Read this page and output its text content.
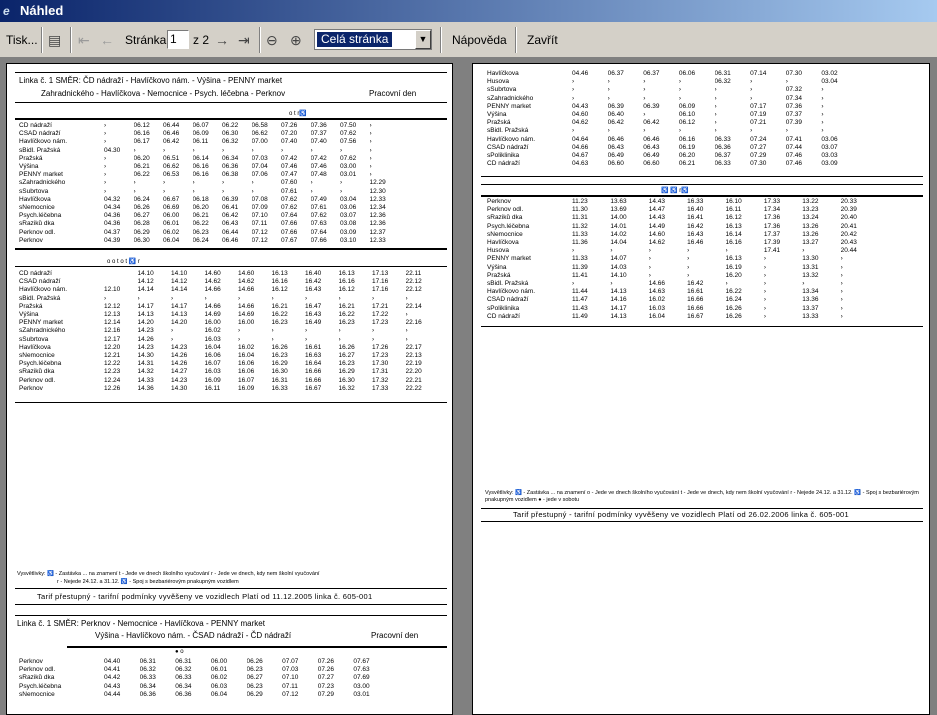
e Náhled
Tisk... ▤ ⇤ ← Stránka 1	z 2 → ⇥ ⊖ ⊕	Celá stránka	▼ Nápověda Zavřít
Linka č. 1 SMĚR: ČD nádraží - Havlíčkovo nám. - Výšina - PENNY market
Zahradnického - Havlíčkova - Nemocnice - Psych. léčebna - Perknov	Pracovní den
o t r♿
ČD nádraží	›	06.12	06.44	06.07	06.22	06.58	07.26	07.36	07.50	›
ČSAD nádraží	›	06.16	06.46	06.09	06.30	06.62	07.20	07.37	07.62	›
Havlíčkovo nám.	›	06.17	06.42	06.11	06.32	07.00	07.40	07.40	07.56	›
sBidl. Pražská	04.30	›	›	›	›	›	›	›	›	›
Pražská	›	06.20	06.51	06.14	06.34	07.03	07.42	07.42	07.62	›
Výšina	›	06.21	06.62	06.16	06.36	07.04	07.46	07.46	03.00	›
PENNY market	›	06.22	06.53	06.16	06.38	07.06	07.47	07.48	03.01	›
sZahradnického	›	›	›	›	›	›	07.60	›	›	12.29
sSubrtova	›	›	›	›	›	›	07.61	›	›	12.30
Havlíčkova	04.32	06.24	06.67	06.18	06.39	07.08	07.62	07.49	03.04	12.33
sNemocnice	04.34	06.26	06.69	06.20	06.41	07.09	07.62	07.61	03.06	12.34
Psych.léčebna	04.36	06.27	06.00	06.21	06.42	07.10	07.64	07.62	03.07	12.36
sRaziků dka	04.36	06.28	06.01	06.22	06.43	07.11	07.66	07.63	03.08	12.36
Perknov odl.	04.37	06.29	06.02	06.23	06.44	07.12	07.66	07.64	03.09	12.37
Perknov	04.39	06.30	06.04	06.24	06.46	07.12	07.67	07.66	03.10	12.33
o o t o t ♿ r
ČD nádraží		14.10	14.10	14.60	14.60	16.13	16.40	16.13	17.13	22.11
ČSAD nádraží		14.12	14.12	14.62	14.62	16.16	16.42	16.16	17.16	22.12
Havlíčkovo nám.	12.10	14.14	14.14	14.66	14.66	16.12	16.43	16.12	17.16	22.12
sBidl. Pražská	›	›	›	›	›	›	›	›	›	›
Pražská	12.12	14.17	14.17	14.66	14.66	16.21	16.47	16.21	17.21	22.14
Výšina	12.13	14.13	14.13	14.69	14.69	16.22	16.43	16.22	17.22	›
PENNY market	12.14	14.20	14.20	16.00	16.00	16.23	16.49	16.23	17.23	22.16
sZahradnického	12.16	14.23	›	16.02	›	›	›	›	›	›
sSubrtova	12.17	14.26	›	16.03	›	›	›	›	›	›
Havlíčkova	12.20	14.23	14.23	16.04	16.02	16.26	16.61	16.26	17.26	22.17
sNemocnice	12.21	14.30	14.26	16.06	16.04	16.23	16.63	16.27	17.23	22.13
Psych.léčebna	12.22	14.31	14.26	16.07	16.06	16.29	16.64	16.23	17.30	22.19
sRaziků dka	12.23	14.32	14.27	16.03	16.06	16.30	16.66	16.29	17.31	22.20
Perknov odl.	12.24	14.33	14.23	16.09	16.07	16.31	16.66	16.30	17.32	22.21
Perknov	12.26	14.36	14.30	16.11	16.09	16.33	16.67	16.32	17.33	22.22
Vysvětlivky: ♿ - Zastávka ... na znamení t - Jede ve dnech školního vyučování r - Jede ve dnech, kdy nem školní vyučování
r - Nejede 24.12. a 31.12. ♿ - Spoj s bezbariérovým pnakupným vozidlem
Tarif přestupný - tarifní podmínky vyvěšeny ve vozidlech Platí od 11.12.2005 linka č. 605-001
Linka č. 1 SMĚR: Perknov - Nemocnice - Havlíčkova - PENNY market
Výšina - Havlíčkovo nám. - ČSAD nádraží - ČD nádraží	Pracovní den
● o
Perknov	04.40	06.31	06.31	06.00	06.26	07.07	07.26	07.67
Perknov odl.	04.41	06.32	06.32	06.01	06.23	07.03	07.26	07.63
sRaziků dka	04.42	06.33	06.33	06.02	06.27	07.10	07.27	07.69
Psych.léčebna	04.43	06.34	06.34	06.03	06.23	07.11	07.23	03.00
sNemocnice	04.44	06.36	06.36	06.04	06.29	07.12	07.29	03.01
Havlíčkova	04.46	06.37	06.37	06.06	06.31	07.14	07.30	03.02
Husova	›	›	›	›	06.32	›	›	03.04
sSubrtova	›	›	›	›	›	›	07.32	›
sZahradnického	›	›	›	›	›	›	07.34	›
PENNY market	04.43	06.39	06.39	06.09	›	07.17	07.36	›
Výšina	04.60	06.40	›	06.10	›	07.19	07.37	›
Pražská	04.62	06.42	06.42	06.12	›	07.21	07.39	›
sBidl. Pražská	›	›	›	›	›	›	›	›
Havlíčkovo nám.	04.64	06.46	06.46	06.16	06.33	07.24	07.41	03.06
ČSAD nádraží	04.66	06.43	06.43	06.19	06.36	07.27	07.44	03.07
sPoliklinika	04.67	06.49	06.49	06.20	06.37	07.29	07.46	03.03
ČD nádraží	04.63	06.60	06.60	06.21	06.33	07.30	07.46	03.09
♿ ♿ r♿
Perknov	11.23	13.63	14.43	16.33	16.10	17.33	13.22	20.33
Perknov odl.	11.30	13.69	14.47	16.40	16.11	17.34	13.23	20.39
sRaziků dka	11.31	14.00	14.43	16.41	16.12	17.36	13.24	20.40
Psych.léčebna	11.32	14.01	14.49	16.42	16.13	17.36	13.26	20.41
sNemocnice	11.33	14.02	14.60	16.43	16.14	17.37	13.26	20.42
Havlíčkova	11.36	14.04	14.62	16.46	16.16	17.39	13.27	20.43
Husova	›	›	›	›	›	17.41	›	20.44
PENNY market	11.33	14.07	›	›	16.13	›	13.30	›
Výšina	11.39	14.03	›	›	16.19	›	13.31	›
Pražská	11.41	14.10	›	›	16.20	›	13.32	›
sBidl. Pražská	›	›	14.66	16.42	›	›	›	›
Havlíčkovo nám.	11.44	14.13	14.63	16.61	16.22	›	13.34	›
ČSAD nádraží	11.47	14.16	16.02	16.66	16.24	›	13.36	›
sPoliklinika	11.43	14.17	16.03	16.66	16.26	›	13.37	›
ČD nádraží	11.49	14.13	16.04	16.67	16.26	›	13.33	›
Vysvětlivky: ♿ - Zastávka ... na znamení o - Jede ve dnech školního vyučování t - Jede ve dnech, kdy nem školní vyučování r - Nejede 24.12. a 31.12. ♿ - Spoj s bezbariérovým pnakupným vozidlem ● - jede v sobotu
Tarif přestupný - tarifní podmínky vyvěšeny ve vozidlech Platí od 26.02.2006 linka č. 605-001
